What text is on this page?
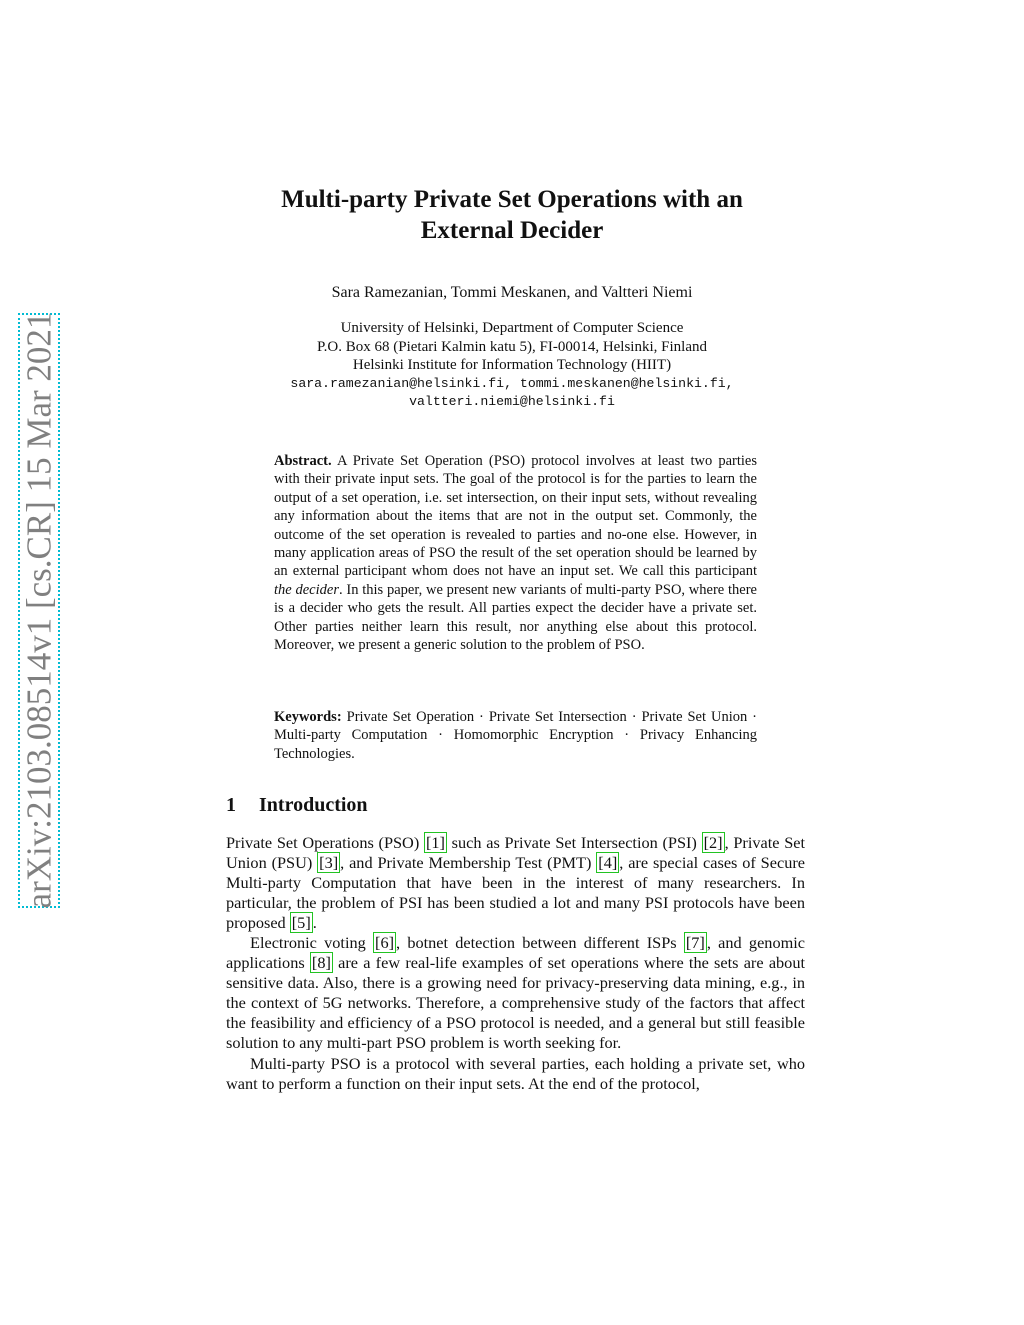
arXiv:2103.08514v1 [cs.CR] 15 Mar 2021
Multi-party Private Set Operations with an
External Decider
Sara Ramezanian, Tommi Meskanen, and Valtteri Niemi
University of Helsinki, Department of Computer Science
P.O. Box 68 (Pietari Kalmin katu 5), FI-00014, Helsinki, Finland
Helsinki Institute for Information Technology (HIIT)
sara.ramezanian@helsinki.fi, tommi.meskanen@helsinki.fi,
valtteri.niemi@helsinki.fi
Abstract. A Private Set Operation (PSO) protocol involves at least two parties with their private input sets. The goal of the protocol is for the parties to learn the output of a set operation, i.e. set intersection, on their input sets, without revealing any information about the items that are not in the output set. Commonly, the outcome of the set operation is revealed to parties and no-one else. However, in many application areas of PSO the result of the set operation should be learned by an external participant whom does not have an input set. We call this participant the decider. In this paper, we present new variants of multi-party PSO, where there is a decider who gets the result. All parties expect the decider have a private set. Other parties neither learn this result, nor anything else about this protocol. Moreover, we present a generic solution to the problem of PSO.
Keywords: Private Set Operation · Private Set Intersection · Private Set Union · Multi-party Computation · Homomorphic Encryption · Privacy Enhancing Technologies.
1 Introduction

Private Set Operations (PSO) [1] such as Private Set Intersection (PSI) [2] , Private Set Union (PSU) [3] , and Private Membership Test (PMT) [4] , are special cases of Secure Multi-party Computation that have been in the interest of many researchers. In particular, the problem of PSI has been studied a lot and many PSI protocols have been proposed [5] .

Electronic voting [6] , botnet detection between different ISPs [7] , and genomic applications [8] are a few real-life examples of set operations where the sets are about sensitive data. Also, there is a growing need for privacy-preserving data mining, e.g., in the context of 5G networks. Therefore, a comprehensive study of the factors that affect the feasibility and efficiency of a PSO protocol is needed, and a general but still feasible solution to any multi-part PSO problem is worth seeking for.

Multi-party PSO is a protocol with several parties, each holding a private set, who want to perform a function on their input sets. At the end of the protocol,
